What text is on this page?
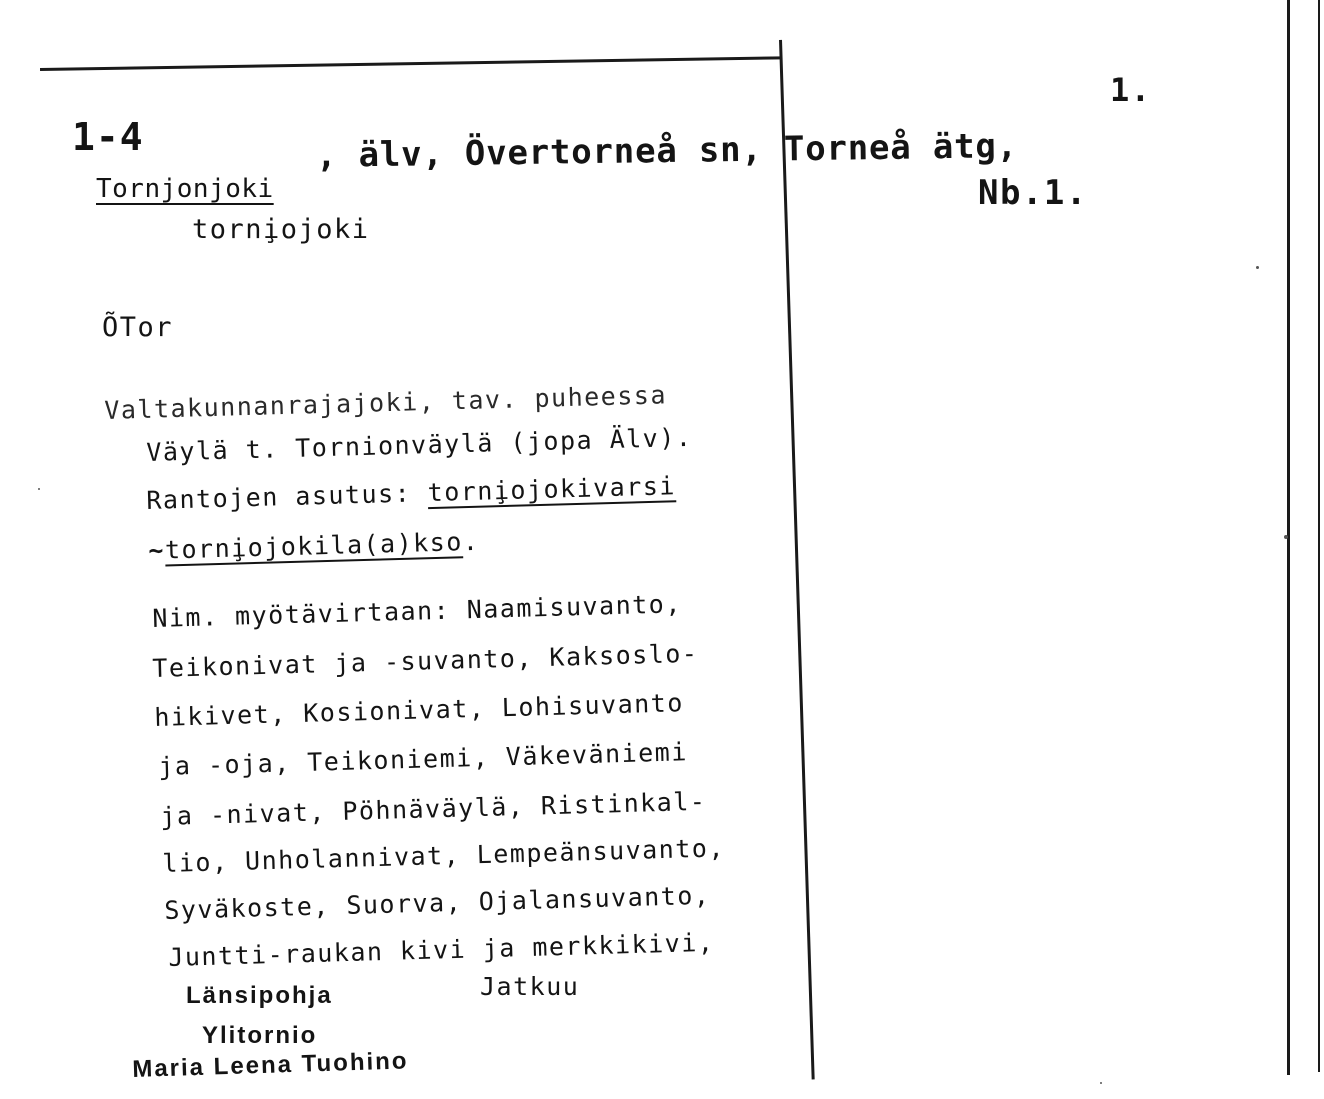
1.

1-4

Tornjonjoki

, älv, Övertorneå sn, Torneå ätg,

Nb.1.

torni̧ojoki

ÕTor

Valtakunnanrajajoki, tav. puheessa

Väylä t. Tornionväylä (jopa Älv).

Rantojen asutus: torni̧ojokivarsi
~torni̧ojokila(a)kso.

Nim. myötävirtaan: Naamisuvanto,

Teikonivat ja -suvanto, Kaksoslo-

hikivet, Kosionivat, Lohisuvanto

ja -oja, Teikoniemi, Väkeväniemi

ja -nivat, Pöhnäväylä, Ristinkal-

lio, Unholannivat, Lempeänsuvanto,

Syväkoste, Suorva, Ojalansuvanto,

Juntti-raukan kivi ja merkkikivi,

Länsipohja	Jatkuu

Ylitornio

Maria Leena Tuohino
